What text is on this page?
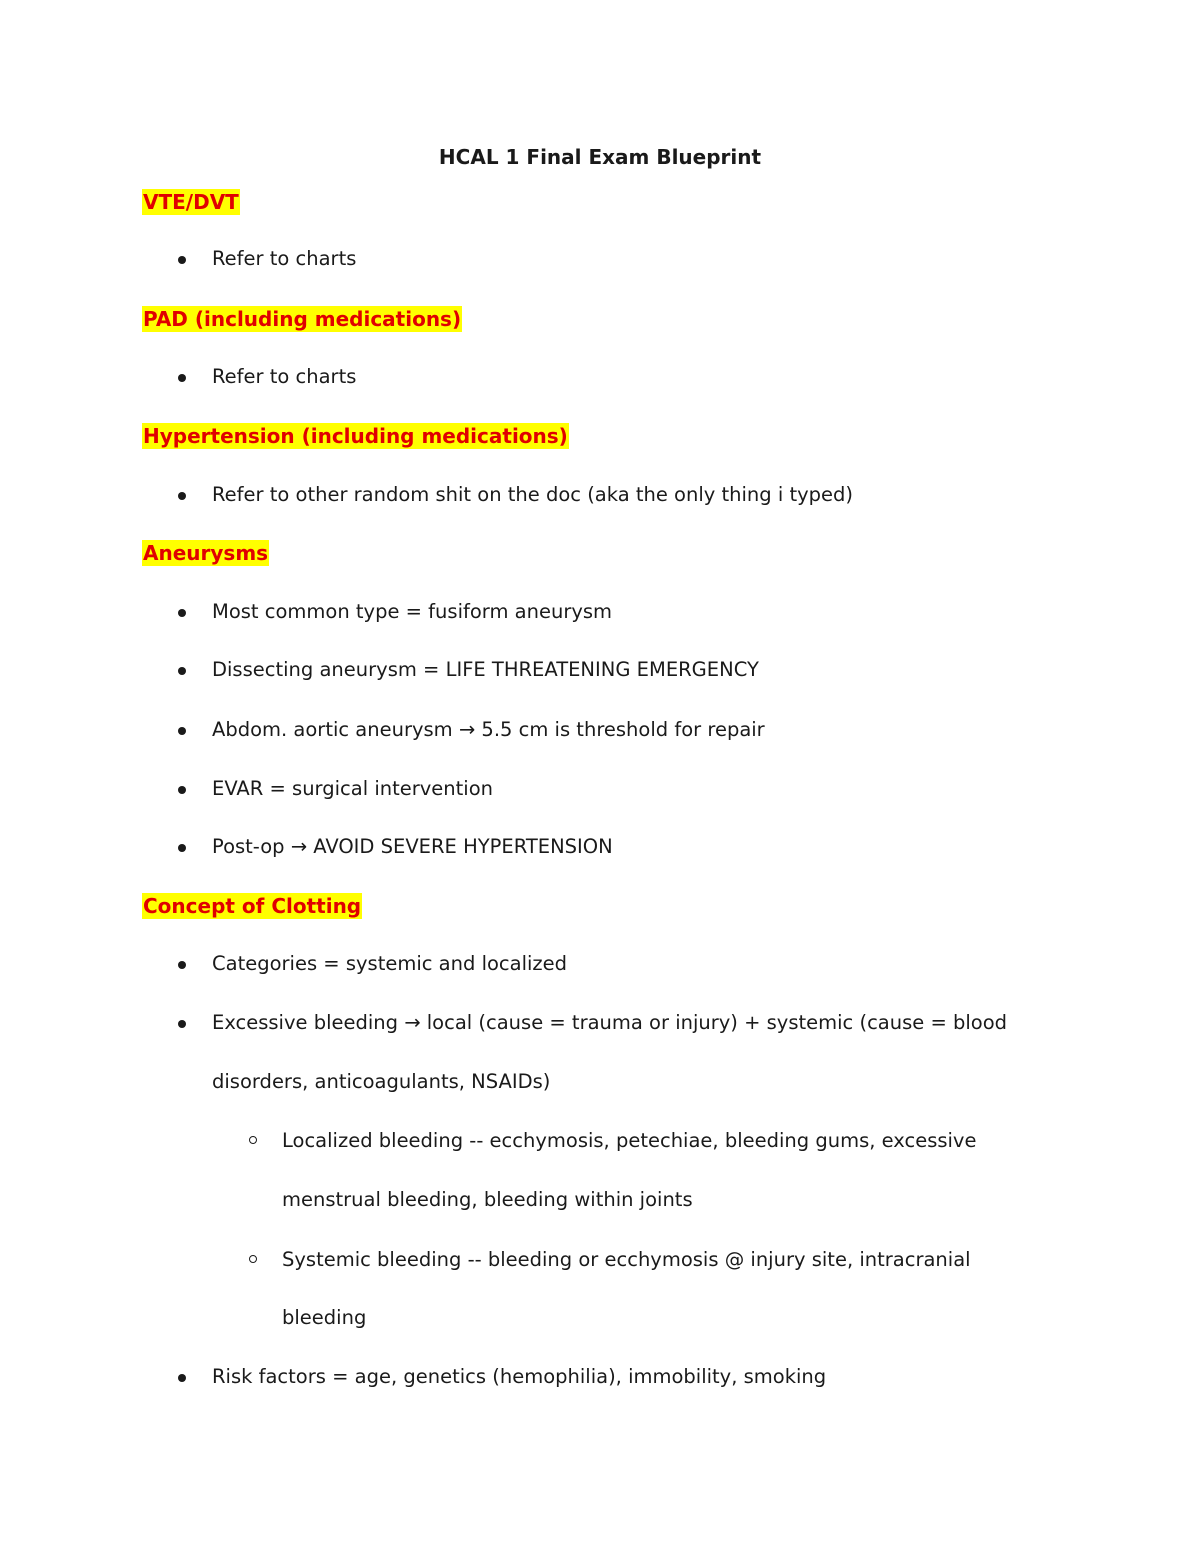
HCAL 1 Final Exam Blueprint
VTE/DVT
Refer to charts
PAD (including medications)
Refer to charts
Hypertension (including medications)
Refer to other random shit on the doc (aka the only thing i typed)
Aneurysms
Most common type = fusiform aneurysm
Dissecting aneurysm = LIFE THREATENING EMERGENCY
Abdom. aortic aneurysm → 5.5 cm is threshold for repair
EVAR = surgical intervention
Post-op → AVOID SEVERE HYPERTENSION
Concept of Clotting
Categories = systemic and localized
Excessive bleeding → local (cause = trauma or injury) + systemic (cause = blood
disorders, anticoagulants, NSAIDs)
Localized bleeding -- ecchymosis, petechiae, bleeding gums, excessive
menstrual bleeding, bleeding within joints
Systemic bleeding -- bleeding or ecchymosis @ injury site, intracranial
bleeding
Risk factors = age, genetics (hemophilia), immobility, smoking
